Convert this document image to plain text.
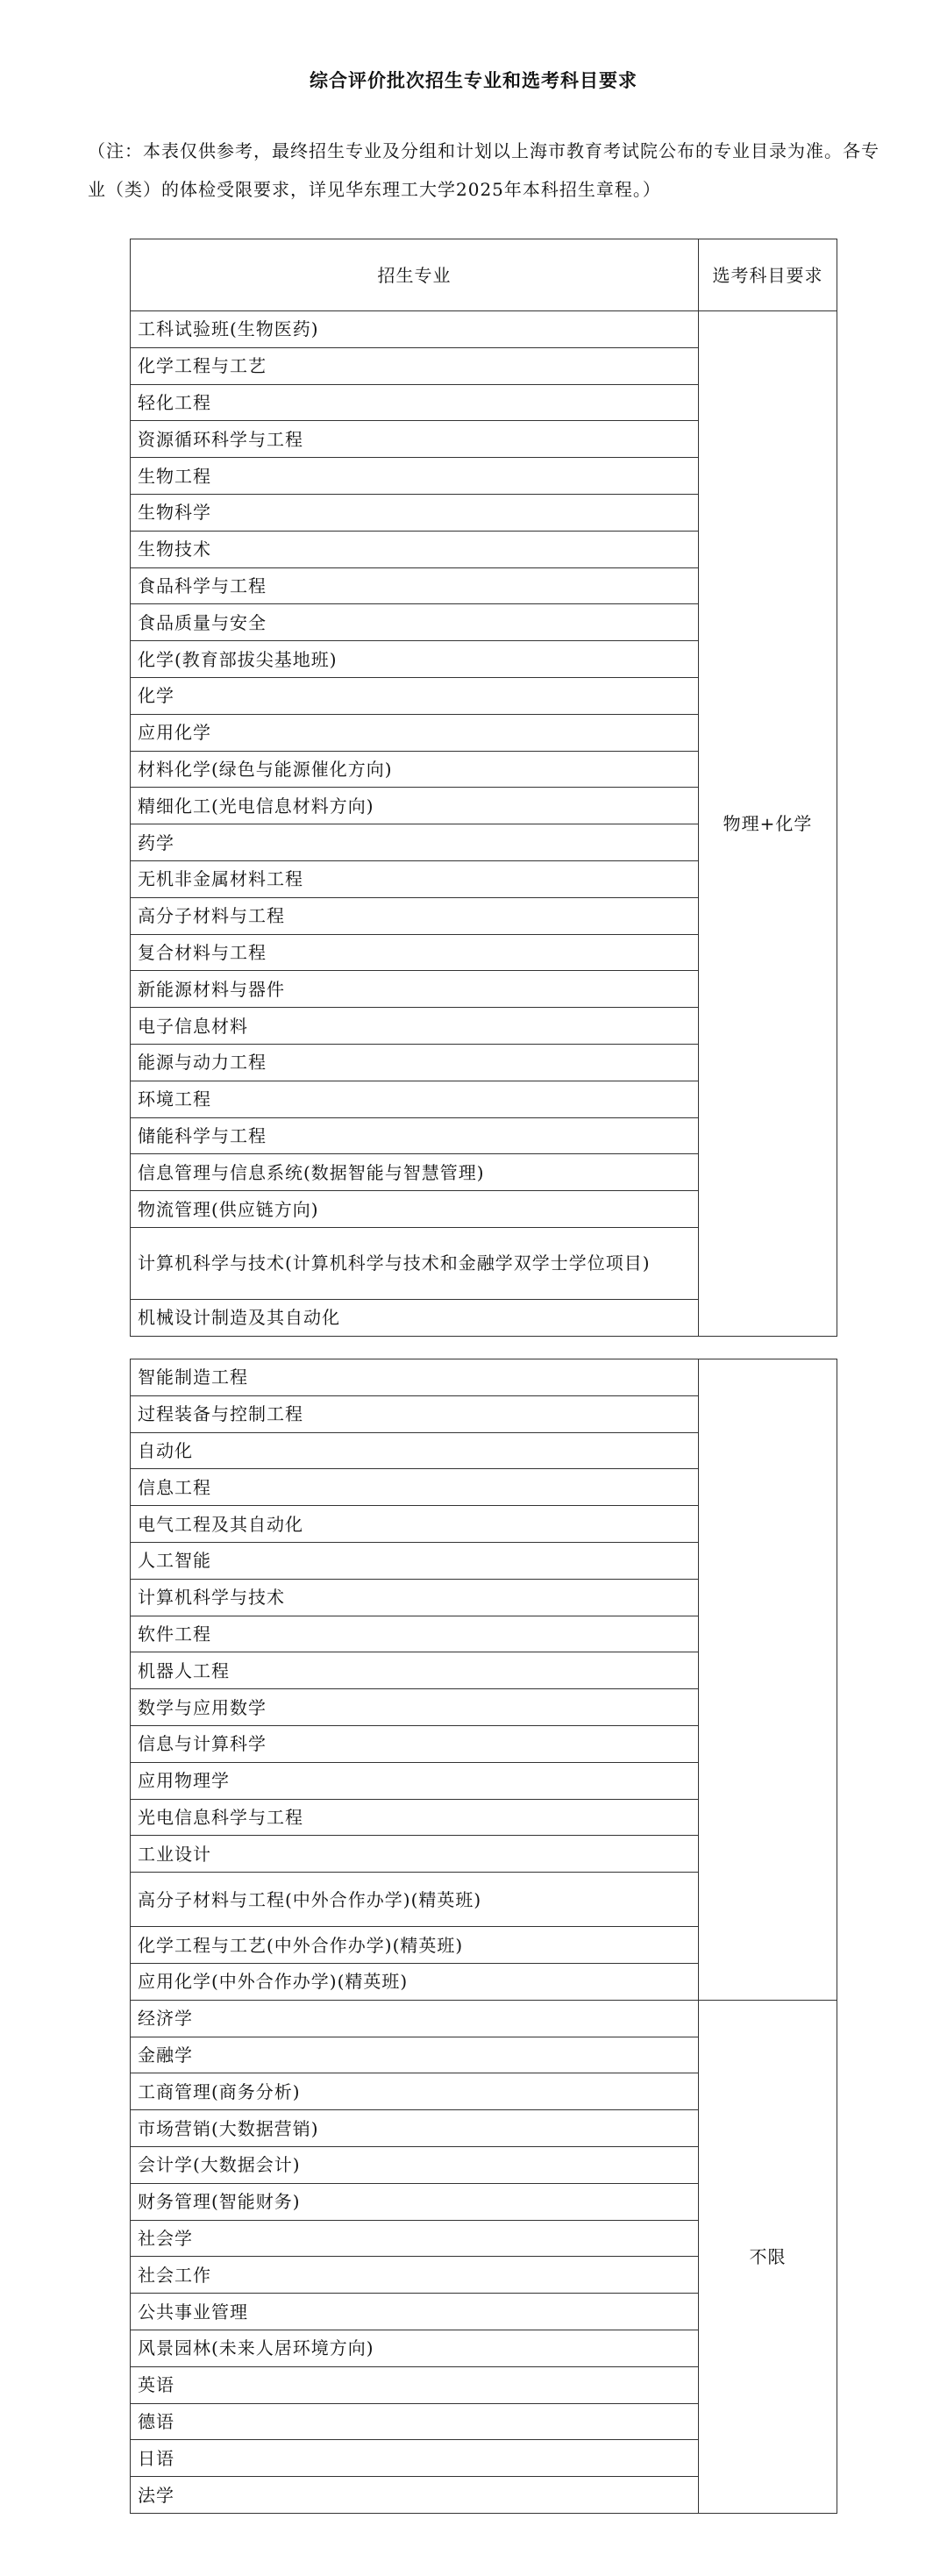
综合评价批次招生专业和选考科目要求
（注：本表仅供参考，最终招生专业及分组和计划以上海市教育考试院公布的专业目录为准。各专业（类）的体检受限要求，详见华东理工大学2025年本科招生章程。）
招生专业	选考科目要求
工科试验班(生物医药)	物理+化学
化学工程与工艺	
轻化工程	
资源循环科学与工程	
生物工程	
生物科学	
生物技术	
食品科学与工程	
食品质量与安全	
化学(教育部拔尖基地班)	
化学	
应用化学	
材料化学(绿色与能源催化方向)	
精细化工(光电信息材料方向)	
药学	
无机非金属材料工程	
高分子材料与工程	
复合材料与工程	
新能源材料与器件	
电子信息材料	
能源与动力工程	
环境工程	
储能科学与工程	
信息管理与信息系统(数据智能与智慧管理)	
物流管理(供应链方向)	
计算机科学与技术(计算机科学与技术和金融学双学士学位项目)	
机械设计制造及其自动化	
智能制造工程	
过程装备与控制工程	
自动化	
信息工程	
电气工程及其自动化	
人工智能	
计算机科学与技术	
软件工程	
机器人工程	
数学与应用数学	
信息与计算科学	
应用物理学	
光电信息科学与工程	
工业设计	
高分子材料与工程(中外合作办学)(精英班)	
化学工程与工艺(中外合作办学)(精英班)	
应用化学(中外合作办学)(精英班)	
经济学	不限
金融学	
工商管理(商务分析)	
市场营销(大数据营销)	
会计学(大数据会计)	
财务管理(智能财务)	
社会学	
社会工作	
公共事业管理	
风景园林(未来人居环境方向)	
英语	
德语	
日语	
法学	
